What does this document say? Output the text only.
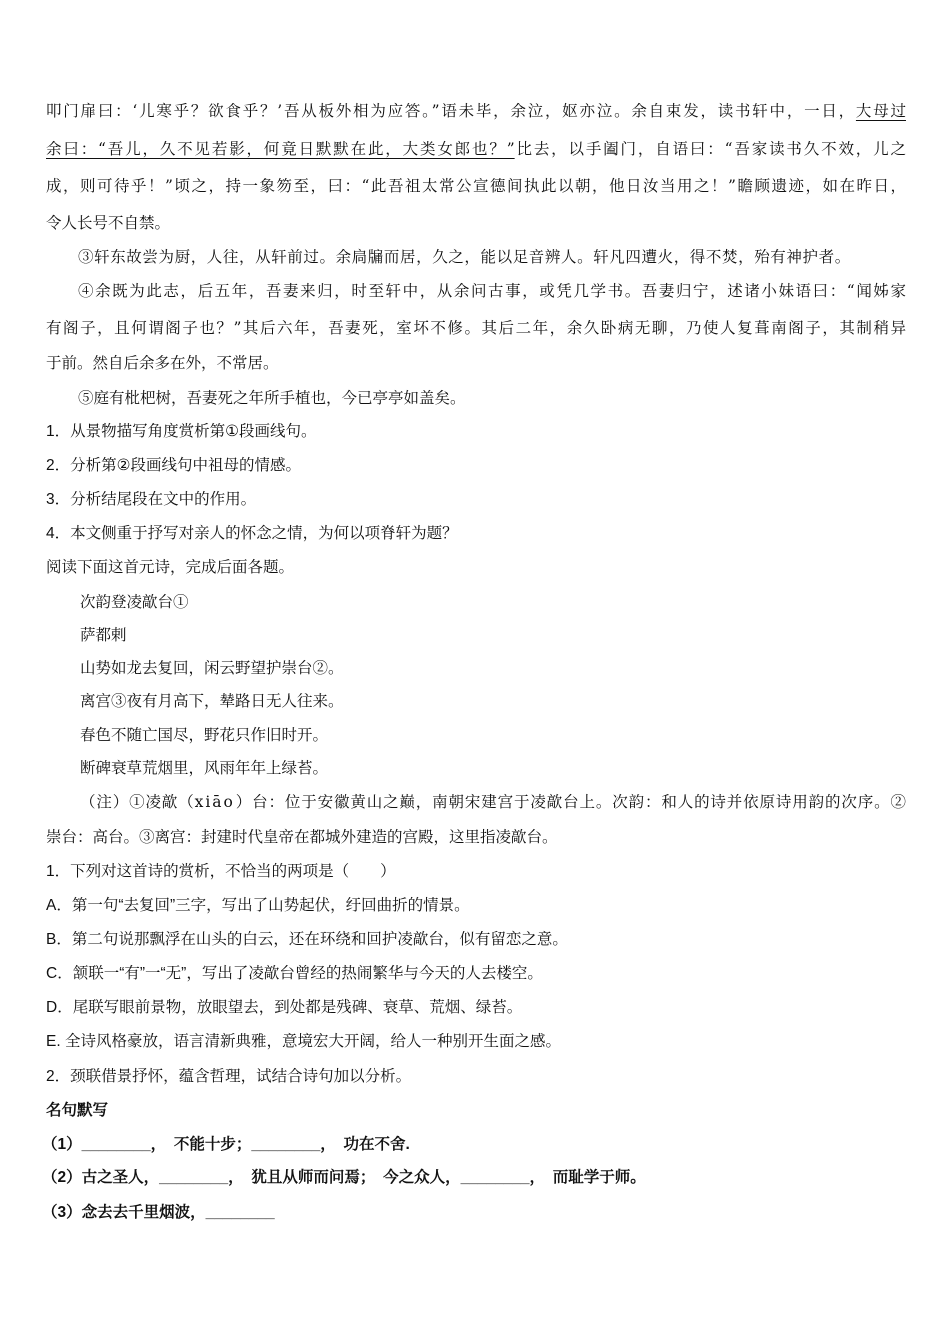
叩门扉曰：‘儿寒乎？欲食乎？’吾从板外相为应答。”语未毕，余泣，妪亦泣。余自束发，读书轩中，一日，大母过
余曰：“吾儿，久不见若影，何竟日默默在此，大类女郎也？”比去，以手阖门，自语曰：“吾家读书久不效，儿之
成，则可待乎！”顷之，持一象笏至，曰：“此吾祖太常公宣德间执此以朝，他日汝当用之！”瞻顾遗迹，如在昨日，
令人长号不自禁。
③轩东故尝为厨，人往，从轩前过。余扃牖而居，久之，能以足音辨人。轩凡四遭火，得不焚，殆有神护者。
④余既为此志，后五年，吾妻来归，时至轩中，从余问古事，或凭几学书。吾妻归宁，述诸小妹语曰：“闻姊家
有阁子，且何谓阁子也？”其后六年，吾妻死，室坏不修。其后二年，余久卧病无聊，乃使人复葺南阁子，其制稍异
于前。然自后余多在外，不常居。
⑤庭有枇杷树，吾妻死之年所手植也，今已亭亭如盖矣。
1．从景物描写角度赏析第①段画线句。
2．分析第②段画线句中祖母的情感。
3．分析结尾段在文中的作用。
4．本文侧重于抒写对亲人的怀念之情，为何以项脊轩为题？
阅读下面这首元诗，完成后面各题。
次韵登凌歊台①
萨都剌
山势如龙去复回，闲云野望护崇台②。
离宫③夜有月高下，辇路日无人往来。
春色不随亡国尽，野花只作旧时开。
断碑衰草荒烟里，风雨年年上绿苔。
（注）①凌歊（xiāo）台：位于安徽黄山之巅，南朝宋建宫于凌歊台上。次韵：和人的诗并依原诗用韵的次序。②
崇台：高台。③离宫：封建时代皇帝在都城外建造的宫殿，这里指凌歊台。
1．下列对这首诗的赏析，不恰当的两项是（　　）
A．第一句“去复回”三字，写出了山势起伏，纡回曲折的情景。
B．第二句说那飘浮在山头的白云，还在环绕和回护凌歊台，似有留恋之意。
C．颔联一“有”一“无”，写出了凌歊台曾经的热闹繁华与今天的人去楼空。
D．尾联写眼前景物，放眼望去，到处都是残碑、衰草、荒烟、绿苔。
E. 全诗风格豪放，语言清新典雅，意境宏大开阔，给人一种别开生面之感。
2．颈联借景抒怀，蕴含哲理，试结合诗句加以分析。
名句默写
（1）________，　不能十步；________，　功在不舍.
（2）古之圣人，________，　犹且从师而问焉；　今之众人，________，　而耻学于师。
（3）念去去千里烟波，________
